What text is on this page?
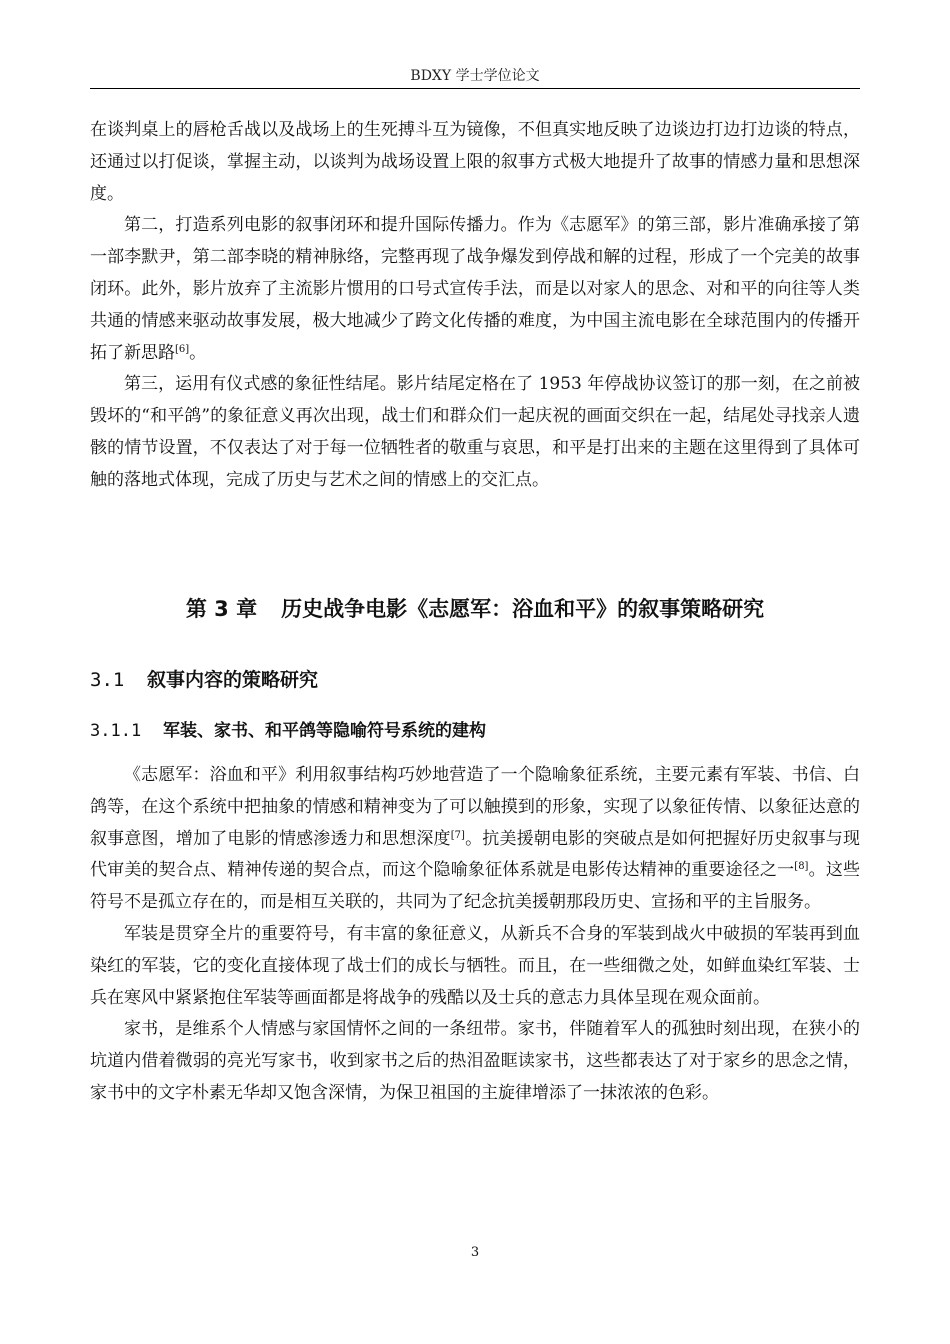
BDXY 学士学位论文

在谈判桌上的唇枪舌战以及战场上的生死搏斗互为镜像，不但真实地反映了边谈边打边打边谈的特点，还通过以打促谈，掌握主动，以谈判为战场设置上限的叙事方式极大地提升了故事的情感力量和思想深度。

第二，打造系列电影的叙事闭环和提升国际传播力。作为《志愿军》的第三部，影片准确承接了第一部李默尹，第二部李晓的精神脉络，完整再现了战争爆发到停战和解的过程，形成了一个完美的故事闭环。此外，影片放弃了主流影片惯用的口号式宣传手法，而是以对家人的思念、对和平的向往等人类共通的情感来驱动故事发展，极大地减少了跨文化传播的难度，为中国主流电影在全球范围内的传播开拓了新思路[6]。

第三，运用有仪式感的象征性结尾。影片结尾定格在了 1953 年停战协议签订的那一刻，在之前被毁坏的“和平鸽”的象征意义再次出现，战士们和群众们一起庆祝的画面交织在一起，结尾处寻找亲人遗骸的情节设置，不仅表达了对于每一位牺牲者的敬重与哀思，和平是打出来的主题在这里得到了具体可触的落地式体现，完成了历史与艺术之间的情感上的交汇点。

第 3 章 历史战争电影《志愿军：浴血和平》的叙事策略研究
3.1 叙事内容的策略研究
3.1.1 军装、家书、和平鸽等隐喻符号系统的建构

《志愿军：浴血和平》利用叙事结构巧妙地营造了一个隐喻象征系统，主要元素有军装、书信、白鸽等，在这个系统中把抽象的情感和精神变为了可以触摸到的形象，实现了以象征传情、以象征达意的叙事意图，增加了电影的情感渗透力和思想深度[7]。抗美援朝电影的突破点是如何把握好历史叙事与现代审美的契合点、精神传递的契合点，而这个隐喻象征体系就是电影传达精神的重要途径之一[8]。这些符号不是孤立存在的，而是相互关联的，共同为了纪念抗美援朝那段历史、宣扬和平的主旨服务。

军装是贯穿全片的重要符号，有丰富的象征意义，从新兵不合身的军装到战火中破损的军装再到血染红的军装，它的变化直接体现了战士们的成长与牺牲。而且，在一些细微之处，如鲜血染红军装、士兵在寒风中紧紧抱住军装等画面都是将战争的残酷以及士兵的意志力具体呈现在观众面前。

家书，是维系个人情感与家国情怀之间的一条纽带。家书，伴随着军人的孤独时刻出现，在狭小的坑道内借着微弱的亮光写家书，收到家书之后的热泪盈眶读家书，这些都表达了对于家乡的思念之情，家书中的文字朴素无华却又饱含深情，为保卫祖国的主旋律增添了一抹浓浓的色彩。

3
